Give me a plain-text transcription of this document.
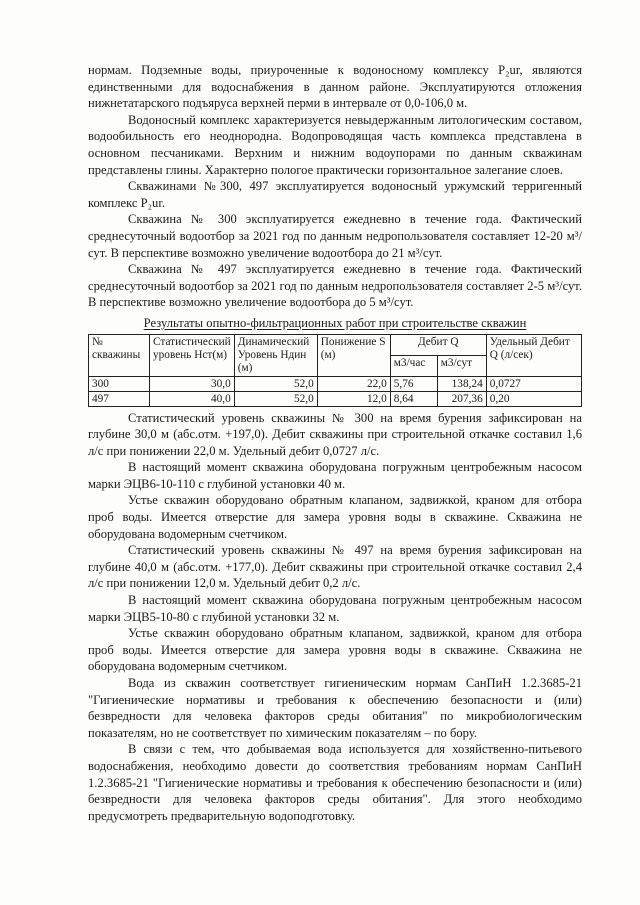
нормам. Подземные воды, приуроченные к водоносному комплексу P₂ur, являются единственными для водоснабжения в данном районе. Эксплуатируются отложения нижнетатарского подъяруса верхней перми в интервале от 0,0-106,0 м.

Водоносный комплекс характеризуется невыдержанным литологическим составом, водообильность его неоднородна. Водопроводящая часть комплекса представлена в основном песчаниками. Верхним и нижним водоупорами по данным скважинам представлены глины. Характерно пологое практически горизонтальное залегание слоев.

Скважинами №300, 497 эксплуатируется водоносный уржумский терригенный комплекс P₂ur.

Скважина № 300 эксплуатируется ежедневно в течение года. Фактический среднесуточный водоотбор за 2021 год по данным недропользователя составляет 12-20 м³/сут. В перспективе возможно увеличение водоотбора до 21 м³/сут.

Скважина № 497 эксплуатируется ежедневно в течение года. Фактический среднесуточный водоотбор за 2021 год по данным недропользователя составляет 2-5 м³/сут. В перспективе возможно увеличение водоотбора до 5 м³/сут.

Результаты опытно-фильтрационных работ при строительстве скважин
№ скважины	Статистический уровень Нст(м)	Динамический Уровень Ндин (м)	Понижение S (м)	Дебит Q		Удельный Дебит Q (л/сек)
				м3/час	м3/сут	
300	30,0	52,0	22,0	5,76	138,24	0,0727
497	40,0	52,0	12,0	8,64	207,36	0,20

Статистический уровень скважины № 300 на время бурения зафиксирован на глубине 30,0 м (абс.отм. +197,0). Дебит скважины при строительной откачке составил 1,6 л/с при понижении 22,0 м. Удельный дебит 0,0727 л/с.

В настоящий момент скважина оборудована погружным центробежным насосом марки ЭЦВ6-10-110 с глубиной установки 40 м.

Устье скважин оборудовано обратным клапаном, задвижкой, краном для отбора проб воды. Имеется отверстие для замера уровня воды в скважине. Скважина не оборудована водомерным счетчиком.

Статистический уровень скважины № 497 на время бурения зафиксирован на глубине 40,0 м (абс.отм. +177,0). Дебит скважины при строительной откачке составил 2,4 л/с при понижении 12,0 м. Удельный дебит 0,2 л/с.

В настоящий момент скважина оборудована погружным центробежным насосом марки ЭЦВ5-10-80 с глубиной установки 32 м.

Устье скважин оборудовано обратным клапаном, задвижкой, краном для отбора проб воды. Имеется отверстие для замера уровня воды в скважине. Скважина не оборудована водомерным счетчиком.

Вода из скважин соответствует гигиеническим нормам СанПиН 1.2.3685-21 "Гигиенические нормативы и требования к обеспечению безопасности и (или) безвредности для человека факторов среды обитания" по микробиологическим показателям, но не соответствует по химическим показателям – по бору.

В связи с тем, что добываемая вода используется для хозяйственно-питьевого водоснабжения, необходимо довести до соответствия требованиям нормам СанПиН 1.2.3685-21 "Гигиенические нормативы и требования к обеспечению безопасности и (или) безвредности для человека факторов среды обитания". Для этого необходимо предусмотреть предварительную водоподготовку.
